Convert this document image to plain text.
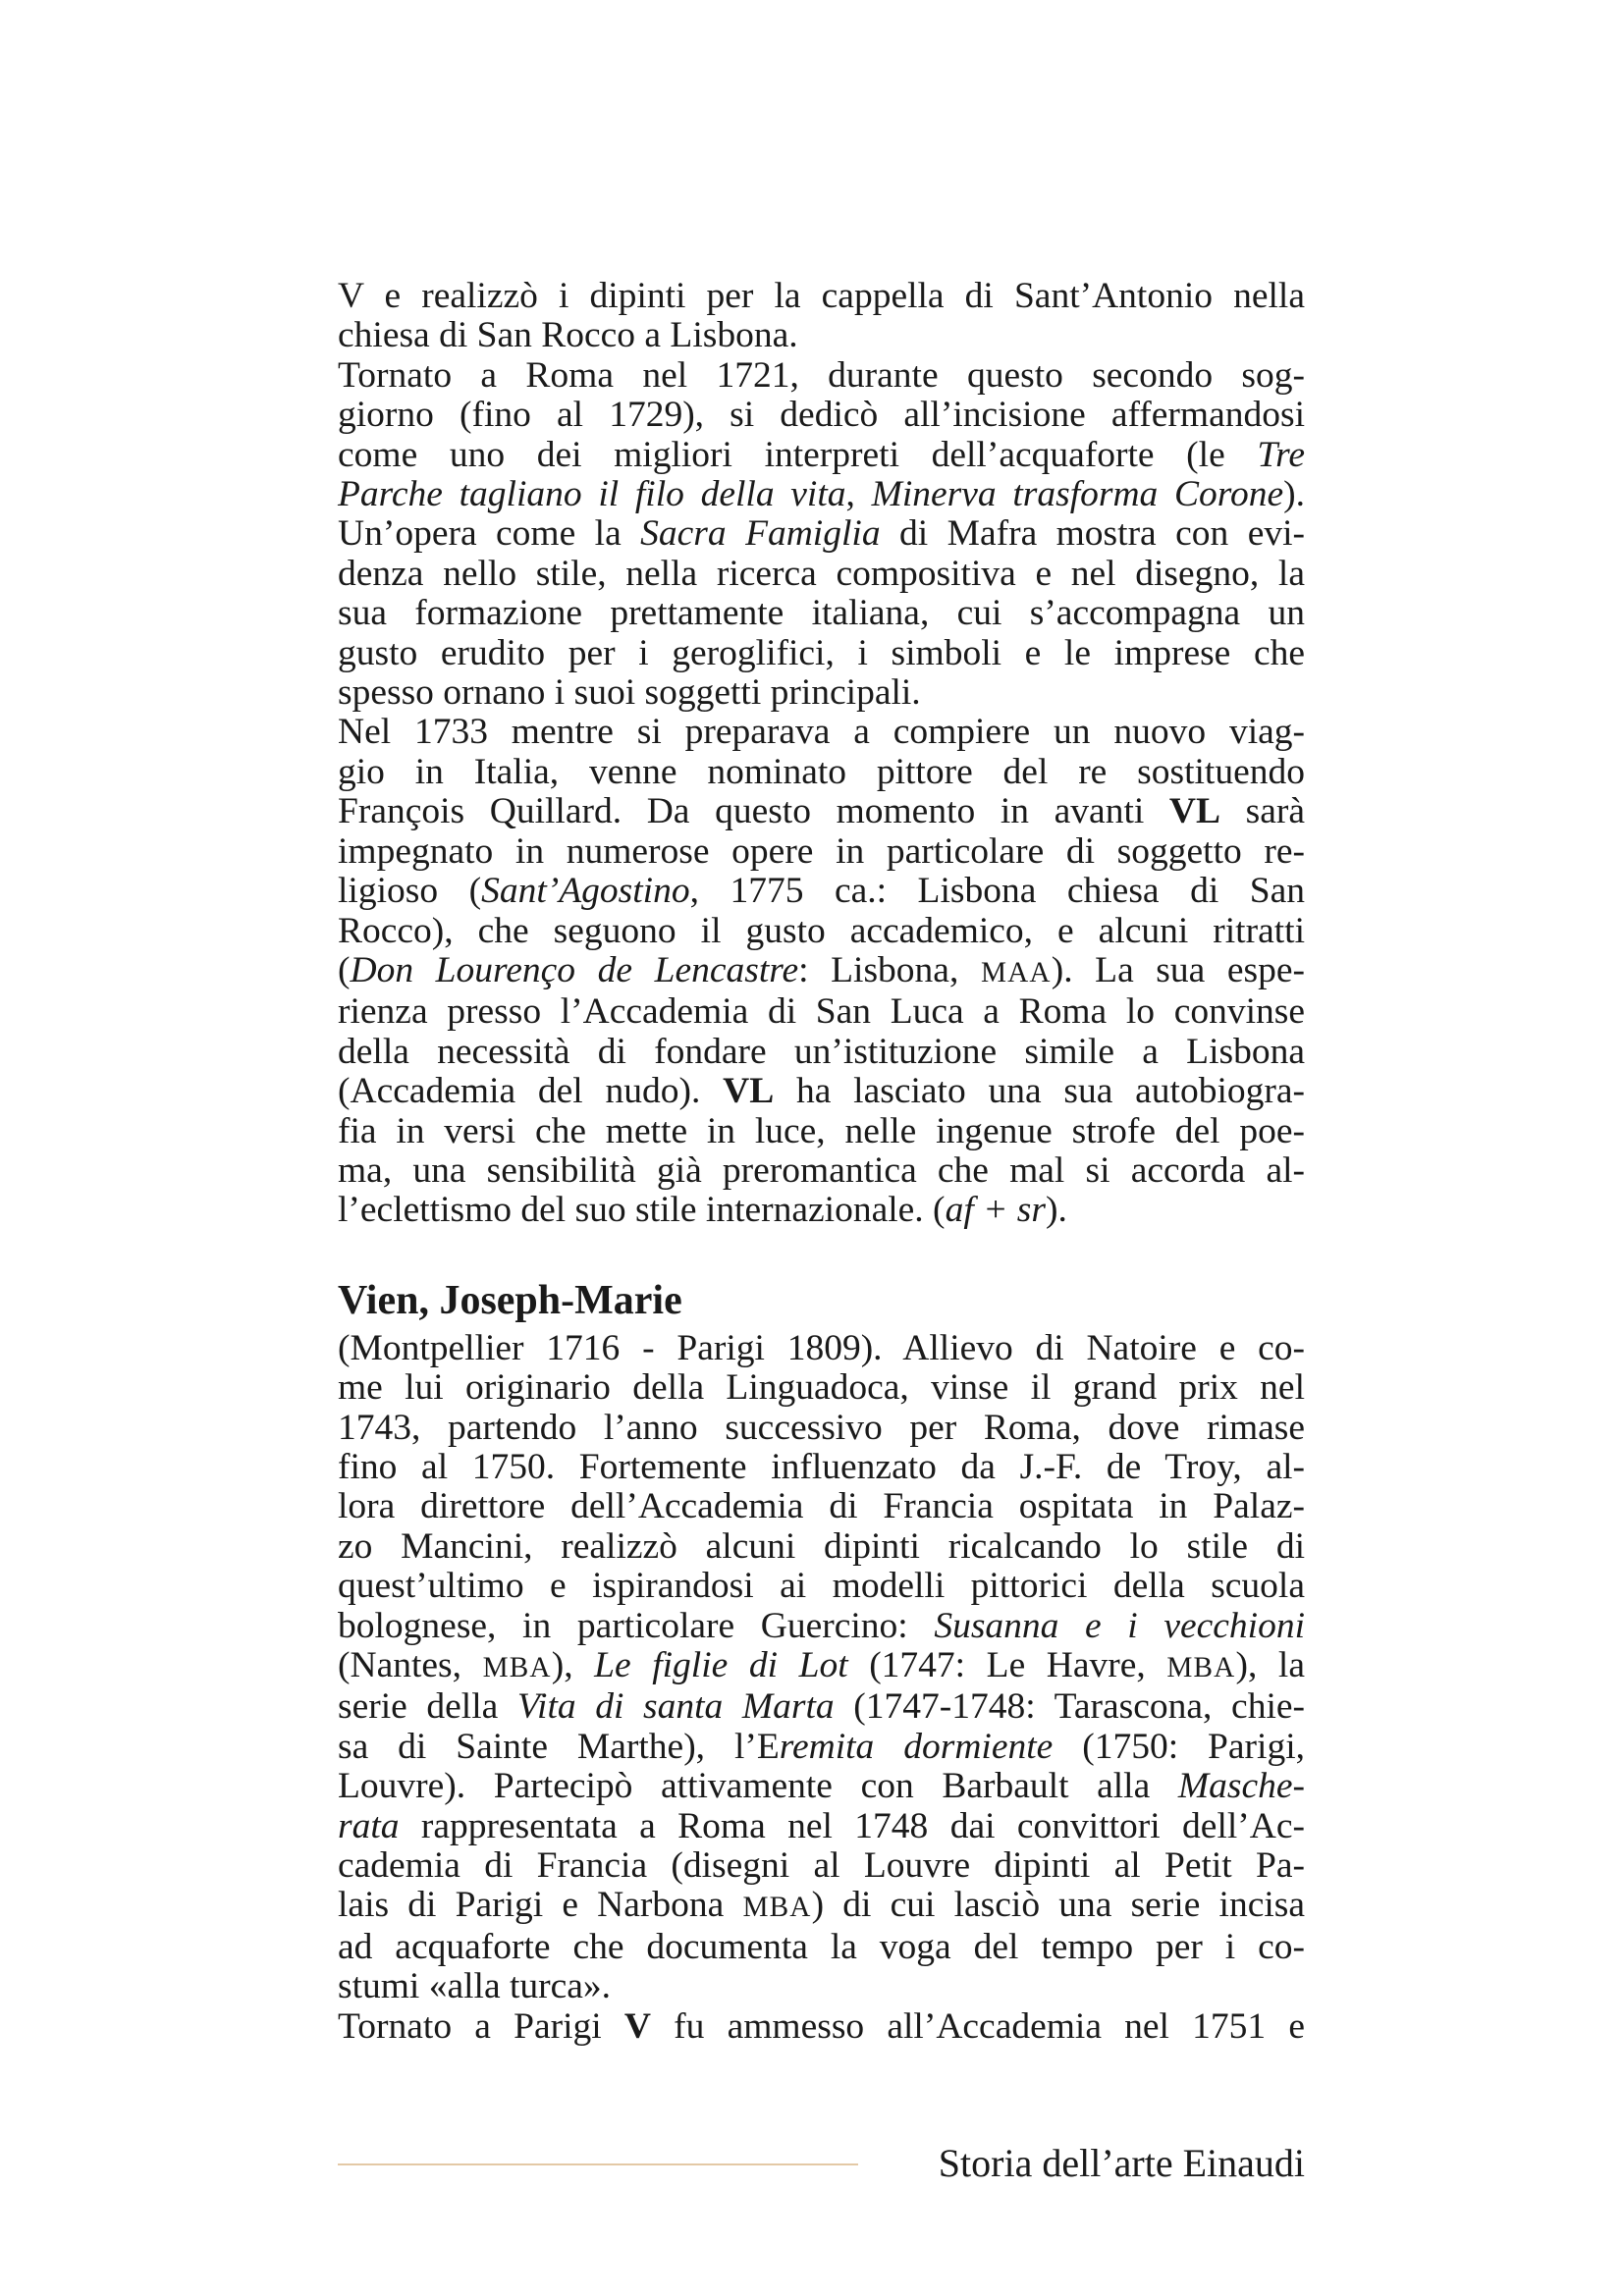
V e realizzò i dipinti per la cappella di Sant’Antonio nella
chiesa di San Rocco a Lisbona.
Tornato a Roma nel 1721, durante questo secondo sog-
giorno (fino al 1729), si dedicò all’incisione affermandosi
come uno dei migliori interpreti dell’acquaforte (le Tre
Parche tagliano il filo della vita, Minerva trasforma Corone).
Un’opera come la Sacra Famiglia di Mafra mostra con evi-
denza nello stile, nella ricerca compositiva e nel disegno, la
sua formazione prettamente italiana, cui s’accompagna un
gusto erudito per i geroglifici, i simboli e le imprese che
spesso ornano i suoi soggetti principali.
Nel 1733 mentre si preparava a compiere un nuovo viag-
gio in Italia, venne nominato pittore del re sostituendo
François Quillard. Da questo momento in avanti VL sarà
impegnato in numerose opere in particolare di soggetto re-
ligioso (Sant’Agostino, 1775 ca.: Lisbona chiesa di San
Rocco), che seguono il gusto accademico, e alcuni ritratti
(Don Lourenço de Lencastre: Lisbona, MAA). La sua espe-
rienza presso l’Accademia di San Luca a Roma lo convinse
della necessità di fondare un’istituzione simile a Lisbona
(Accademia del nudo). VL ha lasciato una sua autobiogra-
fia in versi che mette in luce, nelle ingenue strofe del poe-
ma, una sensibilità già preromantica che mal si accorda al-
l’eclettismo del suo stile internazionale. (af + sr).
Vien, Joseph-Marie
(Montpellier 1716 - Parigi 1809). Allievo di Natoire e co-
me lui originario della Linguadoca, vinse il grand prix nel
1743, partendo l’anno successivo per Roma, dove rimase
fino al 1750. Fortemente influenzato da J.-F. de Troy, al-
lora direttore dell’Accademia di Francia ospitata in Palaz-
zo Mancini, realizzò alcuni dipinti ricalcando lo stile di
quest’ultimo e ispirandosi ai modelli pittorici della scuola
bolognese, in particolare Guercino: Susanna e i vecchioni
(Nantes, MBA), Le figlie di Lot (1747: Le Havre, MBA), la
serie della Vita di santa Marta (1747-1748: Tarascona, chie-
sa di Sainte Marthe), l’Eremita dormiente (1750: Parigi,
Louvre). Partecipò attivamente con Barbault alla Masche-
rata rappresentata a Roma nel 1748 dai convittori dell’Ac-
cademia di Francia (disegni al Louvre dipinti al Petit Pa-
lais di Parigi e Narbona MBA) di cui lasciò una serie incisa
ad acquaforte che documenta la voga del tempo per i co-
stumi «alla turca».
Tornato a Parigi V fu ammesso all’Accademia nel 1751 e
Storia dell’arte Einaudi
